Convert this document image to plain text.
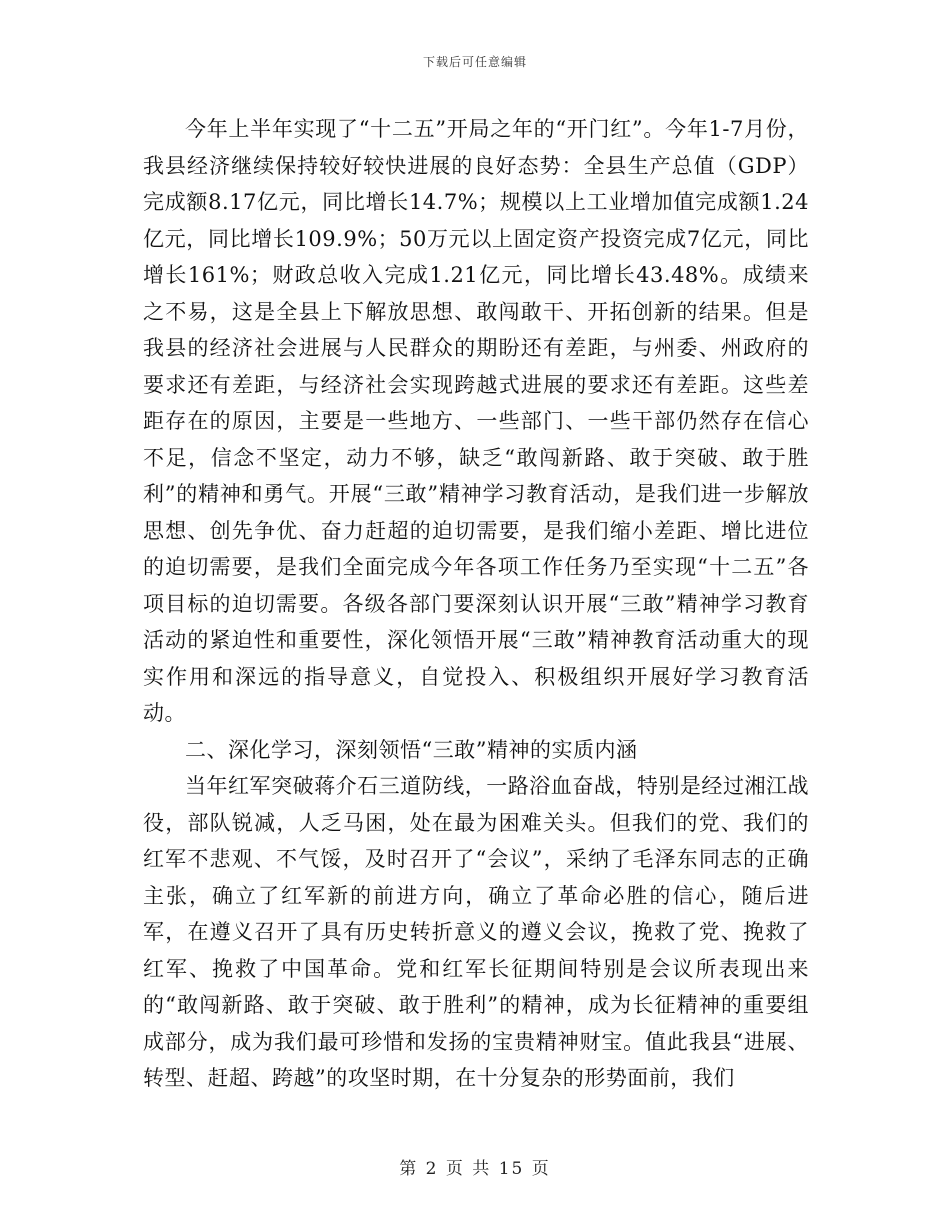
下载后可任意编辑

今年上半年实现了“十二五”开局之年的“开门红”。今年1-7月份，我县经济继续保持较好较快进展的良好态势：全县生产总值（GDP）完成额8.17亿元，同比增长14.7%；规模以上工业增加值完成额1.24亿元，同比增长109.9%；50万元以上固定资产投资完成7亿元，同比增长161%；财政总收入完成1.21亿元，同比增长43.48%。成绩来之不易，这是全县上下解放思想、敢闯敢干、开拓创新的结果。但是我县的经济社会进展与人民群众的期盼还有差距，与州委、州政府的要求还有差距，与经济社会实现跨越式进展的要求还有差距。这些差距存在的原因，主要是一些地方、一些部门、一些干部仍然存在信心不足，信念不坚定，动力不够，缺乏“敢闯新路、敢于突破、敢于胜利”的精神和勇气。开展“三敢”精神学习教育活动，是我们进一步解放思想、创先争优、奋力赶超的迫切需要，是我们缩小差距、增比进位的迫切需要，是我们全面完成今年各项工作任务乃至实现“十二五”各项目标的迫切需要。各级各部门要深刻认识开展“三敢”精神学习教育活动的紧迫性和重要性，深化领悟开展“三敢”精神教育活动重大的现实作用和深远的指导意义，自觉投入、积极组织开展好学习教育活动。

二、深化学习，深刻领悟“三敢”精神的实质内涵

当年红军突破蒋介石三道防线，一路浴血奋战，特别是经过湘江战役，部队锐减，人乏马困，处在最为困难关头。但我们的党、我们的红军不悲观、不气馁，及时召开了“会议”，采纳了毛泽东同志的正确主张，确立了红军新的前进方向，确立了革命必胜的信心，随后进军，在遵义召开了具有历史转折意义的遵义会议，挽救了党、挽救了红军、挽救了中国革命。党和红军长征期间特别是会议所表现出来的“敢闯新路、敢于突破、敢于胜利”的精神，成为长征精神的重要组成部分，成为我们最可珍惜和发扬的宝贵精神财宝。值此我县“进展、转型、赶超、跨越”的攻坚时期，在十分复杂的形势面前，我们

第 2 页 共 15 页
